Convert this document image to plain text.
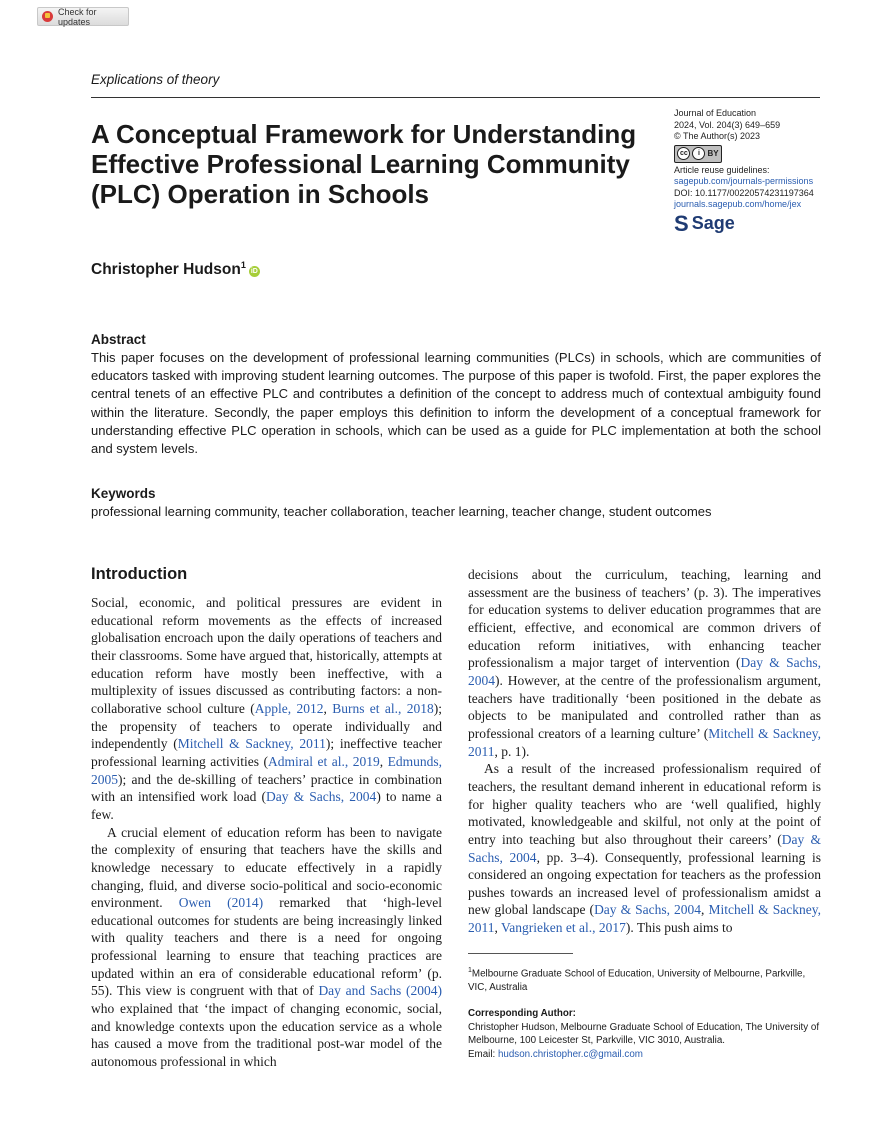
Check for updates
Explications of theory
A Conceptual Framework for Understanding Effective Professional Learning Community (PLC) Operation in Schools
Journal of Education
2024, Vol. 204(3) 649–659
© The Author(s) 2023
cc	i BY
Article reuse guidelines:
sagepub.com/journals-permissions
DOI: 10.1177/00220574231197364
journals.sagepub.com/home/jex
S Sage
Christopher Hudson$^1$iD
Abstract
This paper focuses on the development of professional learning communities (PLCs) in schools, which are communities of educators tasked with improving student learning outcomes. The purpose of this paper is twofold. First, the paper explores the central tenets of an effective PLC and contributes a definition of the concept to address much of contextual ambiguity found within the literature. Secondly, the paper employs this definition to inform the development of a conceptual framework for understanding effective PLC operation in schools, which can be used as a guide for PLC implementation at both the school and system levels.
Keywords
professional learning community, teacher collaboration, teacher learning, teacher change, student outcomes
Introduction

Social, economic, and political pressures are evident in educational reform movements as the effects of increased globalisation encroach upon the daily operations of teachers and their classrooms. Some have argued that, historically, attempts at education reform have mostly been ineffective, with a multiplexity of issues discussed as contributing factors: a non-collaborative school culture (Apple, 2012, Burns et al., 2018); the propensity of teachers to operate individually and independently (Mitchell & Sackney, 2011); ineffective teacher professional learning activities (Admiral et al., 2019, Edmunds, 2005); and the de-skilling of teachers’ practice in combination with an intensified work load (Day & Sachs, 2004) to name a few.

A crucial element of education reform has been to navigate the complexity of ensuring that teachers have the skills and knowledge necessary to educate effectively in a rapidly changing, fluid, and diverse socio-political and socio-economic environment. Owen (2014) remarked that ‘high-level educational outcomes for students are being increasingly linked with quality teachers and there is a need for ongoing professional learning to ensure that teaching practices are updated within an era of considerable educational reform’ (p. 55). This view is congruent with that of Day and Sachs (2004) who explained that ‘the impact of changing economic, social, and knowledge contexts upon the education service as a whole has caused a move from the traditional post-war model of the autonomous professional in which

decisions about the curriculum, teaching, learning and assessment are the business of teachers’ (p. 3). The imperatives for education systems to deliver education programmes that are efficient, effective, and economical are common drivers of education reform initiatives, with enhancing teacher professionalism a major target of intervention (Day & Sachs, 2004). However, at the centre of the professionalism argument, teachers have traditionally ‘been positioned in the debate as objects to be manipulated and controlled rather than as professional creators of a learning culture’ (Mitchell & Sackney, 2011, p. 1).

As a result of the increased professionalism required of teachers, the resultant demand inherent in educational reform is for higher quality teachers who are ‘well qualified, highly motivated, knowledgeable and skilful, not only at the point of entry into teaching but also throughout their careers’ (Day & Sachs, 2004, pp. 3–4). Consequently, professional learning is considered an ongoing expectation for teachers as the profession pushes towards an increased level of professionalism amidst a new global landscape (Day & Sachs, 2004, Mitchell & Sackney, 2011, Vangrieken et al., 2017). This push aims to

$^1$Melbourne Graduate School of Education, University of Melbourne, Parkville, VIC, Australia
Corresponding Author:
Christopher Hudson, Melbourne Graduate School of Education, The University of Melbourne, 100 Leicester St, Parkville, VIC 3010, Australia.
Email: hudson.christopher.c@gmail.com
